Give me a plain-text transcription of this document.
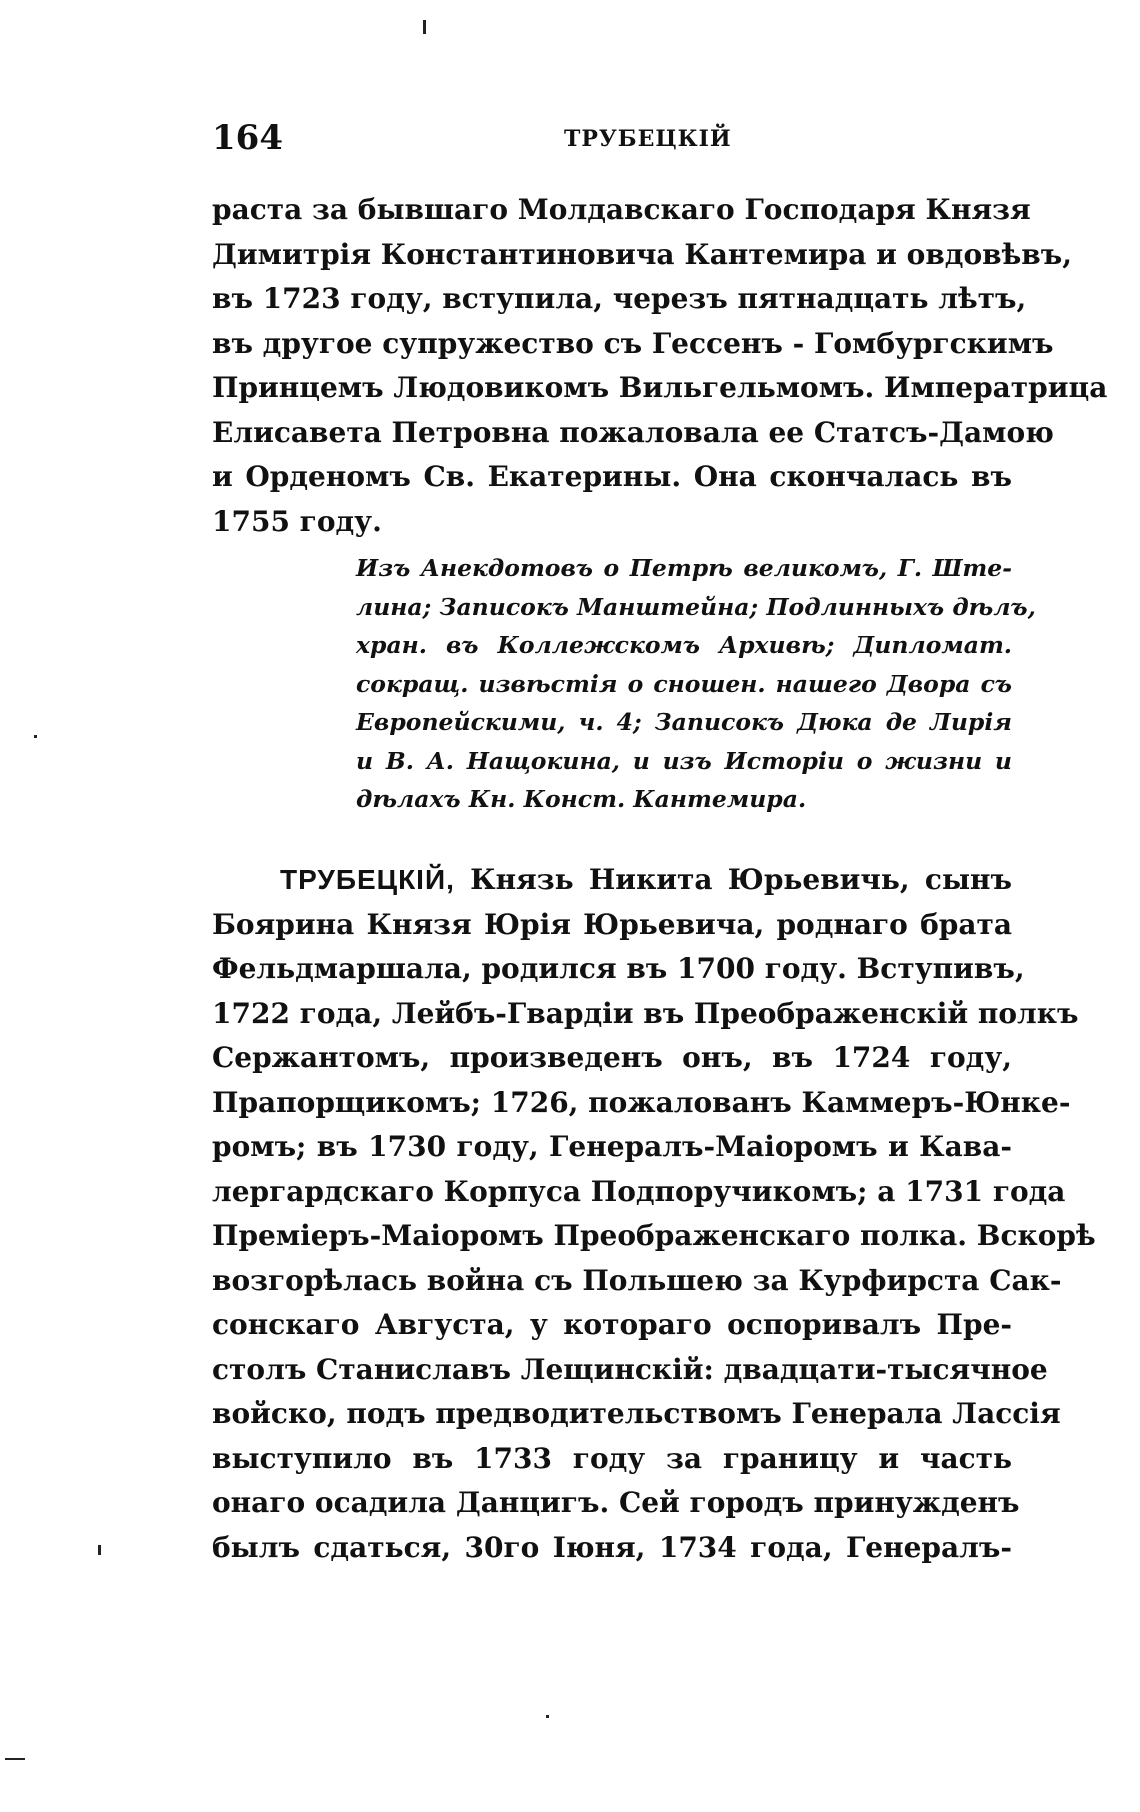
164	ТРУБЕЦКІЙ
раста за бывшаго Молдавскаго Господаря Князя
Димитрія Константиновича Кантемира и овдовѣвъ,
въ 1723 году, вступила, черезъ пятнадцать лѣтъ,
въ другое супружество съ Гессенъ - Гомбургскимъ
Принцемъ Людовикомъ Вильгельмомъ. Императрица
Елисавета Петровна пожаловала ее Статсъ-Дамою
и Орденомъ Св. Екатерины. Она скончалась въ
1755 году.
Изъ Анекдотовъ о Петрѣ великомъ, Г. Ште-
лина; Записокъ Манштейна; Подлинныхъ дѣлъ,
хран. въ Коллежскомъ Архивѣ; Дипломат.
сокращ. извѣстія о сношен. нашего Двора съ
Европейскими, ч. 4; Записокъ Дюка де Лирія
и В. А. Нащокина, и изъ Исторіи о жизни и
дѣлахъ Кн. Конст. Кантемира.
ТРУБЕЦКІЙ, Князь Никита Юрьевичь, сынъ
Боярина Князя Юрія Юрьевича, роднаго брата
Фельдмаршала, родился въ 1700 году. Вступивъ,
1722 года, Лейбъ-Гвардіи въ Преображенскій полкъ
Сержантомъ, произведенъ онъ, въ 1724 году,
Прапорщикомъ; 1726, пожалованъ Каммеръ-Юнке-
ромъ; въ 1730 году, Генералъ-Маіоромъ и Кава-
лергардскаго Корпуса Подпоручикомъ; а 1731 года
Преміеръ-Маіоромъ Преображенскаго полка. Вскорѣ
возгорѣлась война съ Польшею за Курфирста Сак-
сонскаго Августа, у котораго оспоривалъ Пре-
столъ Станиславъ Лещинскій: двадцати-тысячное
войско, подъ предводительствомъ Генерала Лассія
выступило въ 1733 году за границу и часть
онаго осадила Данцигъ. Сей городъ принужденъ
былъ сдаться, 30го Іюня, 1734 года, Генералъ-
